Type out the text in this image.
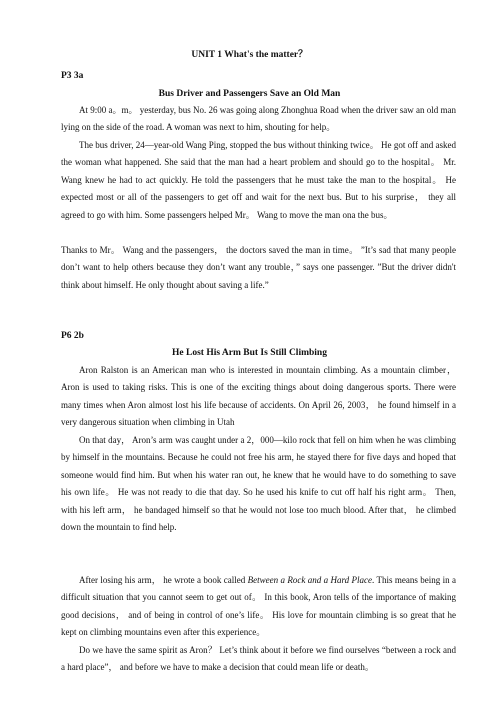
UNIT 1 What's the matter？
P3 3a
Bus Driver and Passengers Save an Old Man

At 9:00 a。m。 yesterday, bus No. 26 was going along Zhonghua Road when the driver saw an old man lying on the side of the road. A woman was next to him, shouting for help。

The bus driver, 24—year-old Wang Ping, stopped the bus without thinking twice。 He got off and asked the woman what happened. She said that the man had a heart problem and should go to the hospital。 Mr. Wang knew he had to act quickly. He told the passengers that he must take the man to the hospital。 He expected most or all of the passengers to get off and wait for the next bus. But to his surprise， they all agreed to go with him. Some passengers helped Mr。 Wang to move the man ona the bus。

Thanks to Mr。 Wang and the passengers， the doctors saved the man in time。 ”It’s sad that many people don’t want to help others because they don’t want any trouble，” says one passenger. ”But the driver didn't think about himself. He only thought about saving a life.”

P6 2b
He Lost His Arm But Is Still Climbing

Aron Ralston is an American man who is interested in mountain climbing. As a mountain climber， Aron is used to taking risks. This is one of the exciting things about doing dangerous sports. There were many times when Aron almost lost his life because of accidents. On April 26, 2003， he found himself in a very dangerous situation when climbing in Utah

On that day， Aron’s arm was caught under a 2，000—kilo rock that fell on him when he was climbing by himself in the mountains. Because he could not free his arm, he stayed there for five days and hoped that someone would find him. But when his water ran out, he knew that he would have to do something to save his own life。 He was not ready to die that day. So he used his knife to cut off half his right arm。 Then, with his left arm， he bandaged himself so that he would not lose too much blood. After that， he climbed down the mountain to find help.

After losing his arm， he wrote a book called Between a Rock and a Hard Place. This means being in a difficult situation that you cannot seem to get out of。 In this book, Aron tells of the importance of making good decisions， and of being in control of one’s life。 His love for mountain climbing is so great that he kept on climbing mountains even after this experience。

Do we have the same spirit as Aron？ Let’s think about it before we find ourselves “between a rock and a hard place”， and before we have to make a decision that could mean life or death。
